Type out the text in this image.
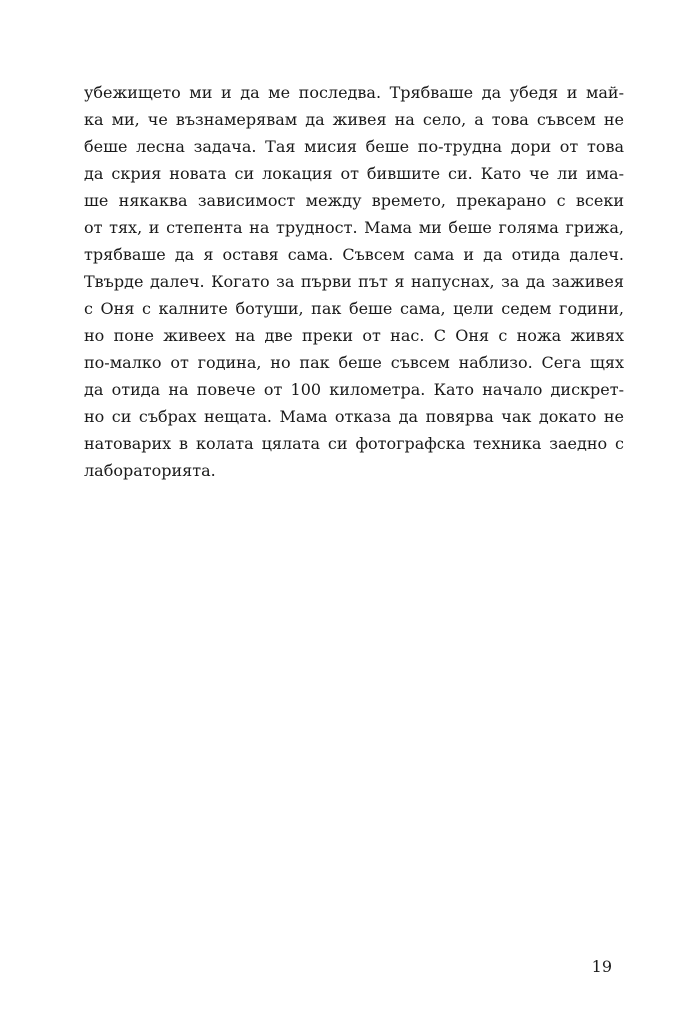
убежището ми и да ме последва. Трябваше да убедя и май-
ка ми, че възнамерявам да живея на село, а това съвсем не
беше лесна задача. Тая мисия беше по-трудна дори от това
да скрия новата си локация от бившите си. Като че ли има-
ше някаква зависимост между времето, прекарано с всеки
от тях, и степента на трудност. Мама ми беше голяма грижа,
трябваше да я оставя сама. Съвсем сама и да отида далеч.
Твърде далеч. Когато за първи път я напуснах, за да заживея
с Оня с калните ботуши, пак беше сама, цели седем години,
но поне живеех на две преки от нас. С Оня с ножа живях
по-малко от година, но пак беше съвсем наблизо. Сега щях
да отида на повече от 100 километра. Като начало дискрет-
но си събрах нещата. Мама отказа да повярва чак докато не
натоварих в колата цялата си фотографска техника заедно с
лабораторията.
19
